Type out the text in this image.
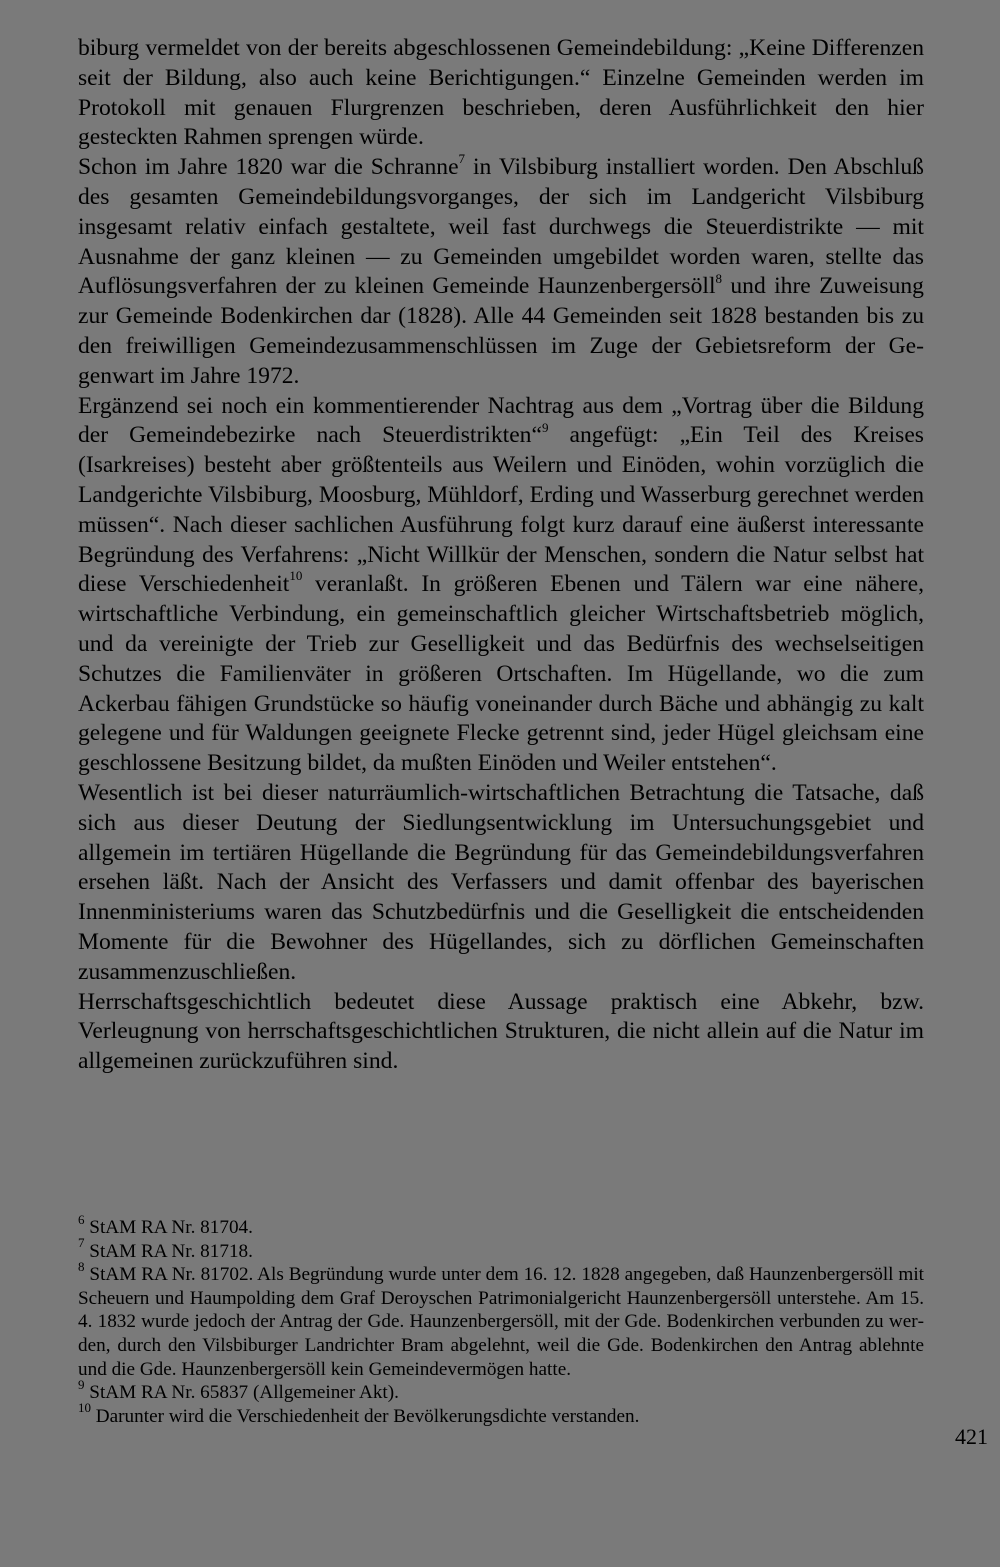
biburg vermeldet von der bereits abgeschlossenen Gemeindebildung: „Keine Differenzen seit der Bildung, also auch keine Berichtigungen.“ Einzelne Gemeinden werden im Protokoll mit genauen Flurgrenzen beschrieben, deren Ausführlichkeit den hier gesteckten Rahmen sprengen würde.

Schon im Jahre 1820 war die Schranne$^7$ in Vilsbiburg installiert worden. Den Abschluß des gesamten Gemeindebildungsvorganges, der sich im Landgericht Vilsbiburg insgesamt relativ einfach gestaltete, weil fast durchwegs die Steuerdistrikte — mit Ausnahme der ganz kleinen — zu Gemeinden umgebildet worden waren, stellte das Auflösungsverfahren der zu kleinen Gemeinde Haunzenbergersöll$^8$ und ihre Zuweisung zur Gemeinde Bodenkirchen dar (1828). Alle 44 Gemeinden seit 1828 bestanden bis zu den freiwilligen Gemeindezusammenschlüssen im Zuge der Gebietsreform der Gegenwart im Jahre 1972.

Ergänzend sei noch ein kommentierender Nachtrag aus dem „Vortrag über die Bildung der Gemeindebezirke nach Steuerdistrikten“$^9$ angefügt: „Ein Teil des Kreises (Isarkreises) besteht aber größtenteils aus Weilern und Einöden, wohin vorzüglich die Landgerichte Vilsbiburg, Moosburg, Mühldorf, Erding und Wasserburg gerechnet werden müssen“. Nach dieser sachlichen Ausführung folgt kurz darauf eine äußerst interessante Begründung des Verfahrens: „Nicht Willkür der Menschen, sondern die Natur selbst hat diese Verschiedenheit$^{10}$ veranlaßt. In größeren Ebenen und Tälern war eine nähere, wirtschaftliche Verbindung, ein gemeinschaftlich gleicher Wirtschaftsbetrieb möglich, und da vereinigte der Trieb zur Geselligkeit und das Bedürfnis des wechselseitigen Schutzes die Familienväter in größeren Ortschaften. Im Hügellande, wo die zum Ackerbau fähigen Grundstücke so häufig voneinander durch Bäche und abhängig zu kalt gelegene und für Waldungen geeignete Flecke getrennt sind, jeder Hügel gleichsam eine geschlossene Besitzung bildet, da mußten Einöden und Weiler entstehen“.

Wesentlich ist bei dieser naturräumlich-wirtschaftlichen Betrachtung die Tatsache, daß sich aus dieser Deutung der Siedlungsentwicklung im Untersuchungsgebiet und allgemein im tertiären Hügellande die Begründung für das Gemeindebildungsverfahren ersehen läßt. Nach der Ansicht des Verfassers und damit offenbar des bayerischen Innenministeriums waren das Schutzbedürfnis und die Geselligkeit die entscheidenden Momente für die Bewohner des Hügellandes, sich zu dörflichen Gemeinschaften zusammenzuschließen.

Herrschaftsgeschichtlich bedeutet diese Aussage praktisch eine Abkehr, bzw. Verleugnung von herrschaftsgeschichtlichen Strukturen, die nicht allein auf die Natur im allgemeinen zurückzuführen sind.

$^6$ StAM RA Nr. 81704.

$^7$ StAM RA Nr. 81718.

$^8$ StAM RA Nr. 81702. Als Begründung wurde unter dem 16. 12. 1828 angegeben, daß Haunzenbergersöll mit Scheuern und Haumpolding dem Graf Deroyschen Patrimonialgericht Haunzenbergersöll unterstehe. Am 15. 4. 1832 wurde jedoch der Antrag der Gde. Haunzenbergersöll, mit der Gde. Bodenkirchen verbunden zu werden, durch den Vilsbiburger Landrichter Bram abgelehnt, weil die Gde. Bodenkirchen den Antrag ablehnte und die Gde. Haunzenbergersöll kein Gemeindevermögen hatte.

$^9$ StAM RA Nr. 65837 (Allgemeiner Akt).

$^{10}$ Darunter wird die Verschiedenheit der Bevölkerungsdichte verstanden.

421
